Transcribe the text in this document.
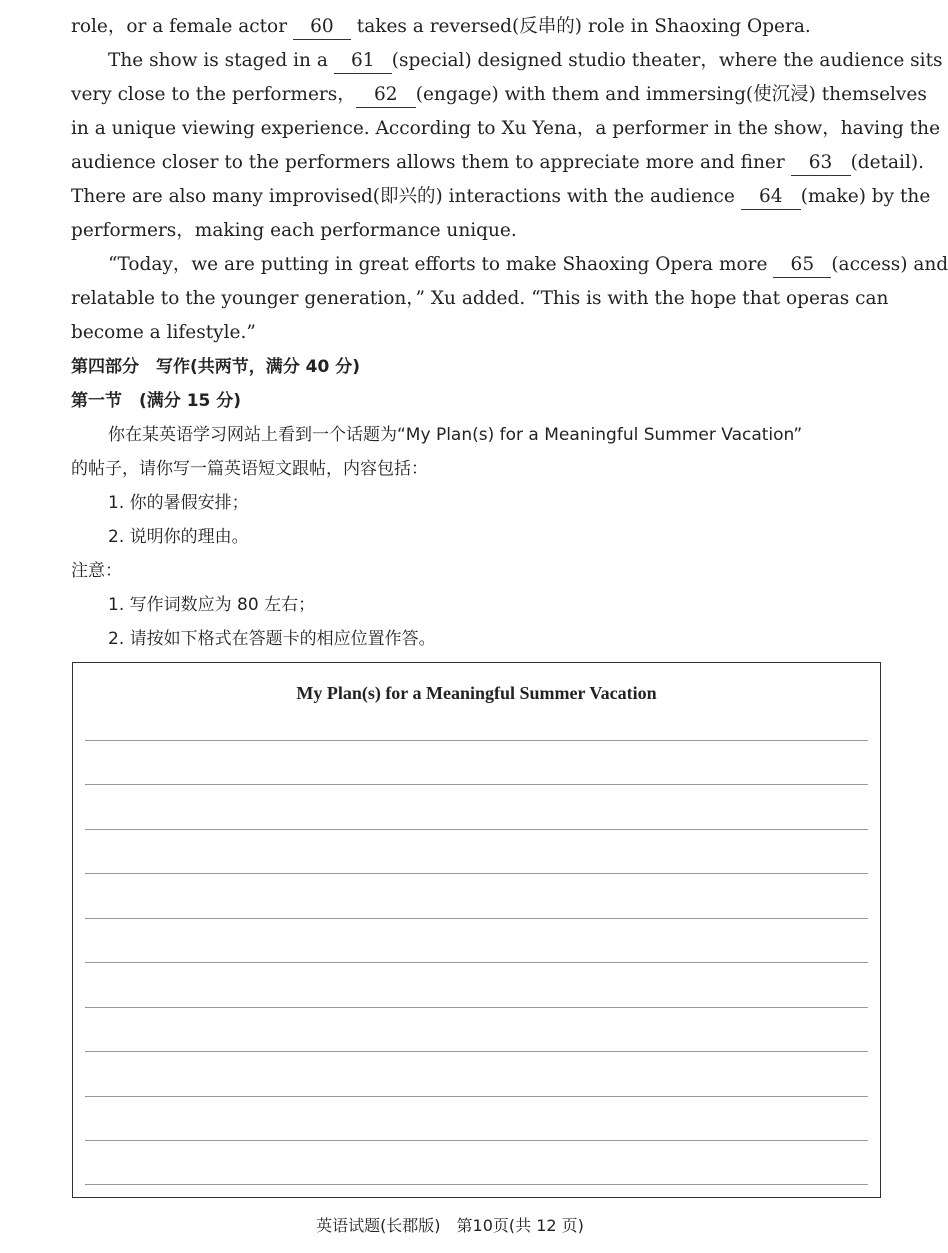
role，or a female actor 60 takes a reversed(反串的) role in Shaoxing Opera.
The show is staged in a 61 (special) designed studio theater，where the audience sits
very close to the performers， 62 (engage) with them and immersing(使沉浸) themselves
in a unique viewing experience. According to Xu Yena，a performer in the show，having the
audience closer to the performers allows them to appreciate more and finer 63 (detail).
There are also many improvised(即兴的) interactions with the audience 64 (make) by the
performers，making each performance unique.
“Today，we are putting in great efforts to make Shaoxing Opera more 65 (access) and
relatable to the younger generation，” Xu added. “This is with the hope that operas can
become a lifestyle.”
第四部分　写作(共两节，满分 40 分)
第一节　(满分 15 分)
你在某英语学习网站上看到一个话题为“My Plan(s) for a Meaningful Summer Vacation”
的帖子，请你写一篇英语短文跟帖，内容包括：
1. 你的暑假安排；
2. 说明你的理由。
注意：
1. 写作词数应为 80 左右；
2. 请按如下格式在答题卡的相应位置作答。
My Plan(s) for a Meaningful Summer Vacation
英语试题(长郡版)　第10页(共 12 页)
